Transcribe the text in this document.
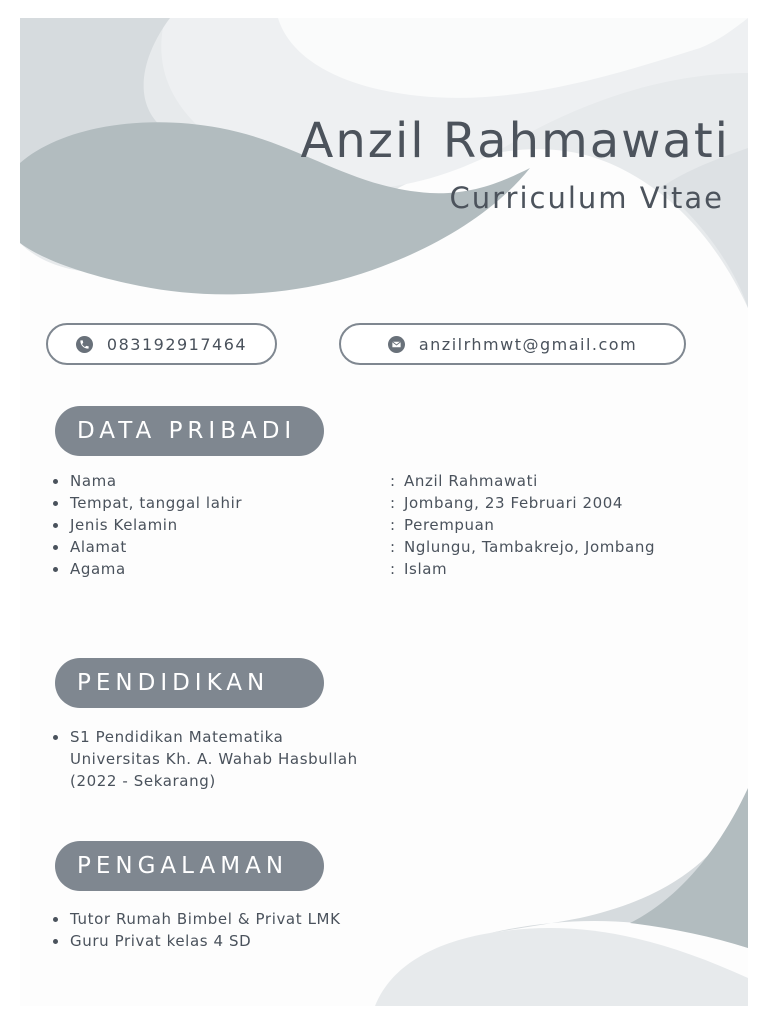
Anzil Rahmawati
Curriculum Vitae
083192917464	anzilrhmwt@gmail.com
DATA PRIBADI
Nama	: Anzil Rahmawati
Tempat, tanggal lahir	: Jombang, 23 Februari 2004
Jenis Kelamin	: Perempuan
Alamat	: Nglungu, Tambakrejo, Jombang
Agama	: Islam
PENDIDIKAN
S1 Pendidikan Matematika
Universitas Kh. A. Wahab Hasbullah
(2022 - Sekarang)
PENGALAMAN
Tutor Rumah Bimbel & Privat LMK
Guru Privat kelas 4 SD
